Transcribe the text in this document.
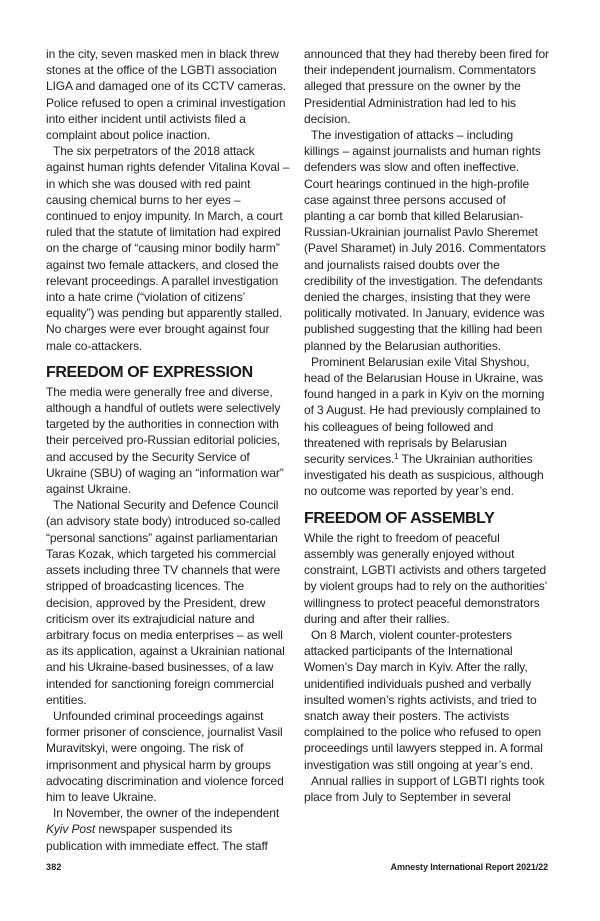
in the city, seven masked men in black threw stones at the office of the LGBTI association LIGA and damaged one of its CCTV cameras. Police refused to open a criminal investigation into either incident until activists filed a complaint about police inaction.

The six perpetrators of the 2018 attack against human rights defender Vitalina Koval – in which she was doused with red paint causing chemical burns to her eyes – continued to enjoy impunity. In March, a court ruled that the statute of limitation had expired on the charge of “causing minor bodily harm” against two female attackers, and closed the relevant proceedings. A parallel investigation into a hate crime (“violation of citizens’ equality”) was pending but apparently stalled. No charges were ever brought against four male co-attackers.

FREEDOM OF EXPRESSION

The media were generally free and diverse, although a handful of outlets were selectively targeted by the authorities in connection with their perceived pro-Russian editorial policies, and accused by the Security Service of Ukraine (SBU) of waging an “information war” against Ukraine.

The National Security and Defence Council (an advisory state body) introduced so-called “personal sanctions” against parliamentarian Taras Kozak, which targeted his commercial assets including three TV channels that were stripped of broadcasting licences. The decision, approved by the President, drew criticism over its extrajudicial nature and arbitrary focus on media enterprises – as well as its application, against a Ukrainian national and his Ukraine-based businesses, of a law intended for sanctioning foreign commercial entities.

Unfounded criminal proceedings against former prisoner of conscience, journalist Vasil Muravitskyi, were ongoing. The risk of imprisonment and physical harm by groups advocating discrimination and violence forced him to leave Ukraine.

In November, the owner of the independent Kyiv Post newspaper suspended its publication with immediate effect. The staff

announced that they had thereby been fired for their independent journalism. Commentators alleged that pressure on the owner by the Presidential Administration had led to his decision.

The investigation of attacks – including killings – against journalists and human rights defenders was slow and often ineffective. Court hearings continued in the high-profile case against three persons accused of planting a car bomb that killed Belarusian-Russian-Ukrainian journalist Pavlo Sheremet (Pavel Sharamet) in July 2016. Commentators and journalists raised doubts over the credibility of the investigation. The defendants denied the charges, insisting that they were politically motivated. In January, evidence was published suggesting that the killing had been planned by the Belarusian authorities.

Prominent Belarusian exile Vital Shyshou, head of the Belarusian House in Ukraine, was found hanged in a park in Kyiv on the morning of 3 August. He had previously complained to his colleagues of being followed and threatened with reprisals by Belarusian security services.$^1$ The Ukrainian authorities investigated his death as suspicious, although no outcome was reported by year’s end.

FREEDOM OF ASSEMBLY

While the right to freedom of peaceful assembly was generally enjoyed without constraint, LGBTI activists and others targeted by violent groups had to rely on the authorities’ willingness to protect peaceful demonstrators during and after their rallies.

On 8 March, violent counter-protesters attacked participants of the International Women’s Day march in Kyiv. After the rally, unidentified individuals pushed and verbally insulted women’s rights activists, and tried to snatch away their posters. The activists complained to the police who refused to open proceedings until lawyers stepped in. A formal investigation was still ongoing at year’s end.

Annual rallies in support of LGBTI rights took place from July to September in several

382	Amnesty International Report 2021/22
